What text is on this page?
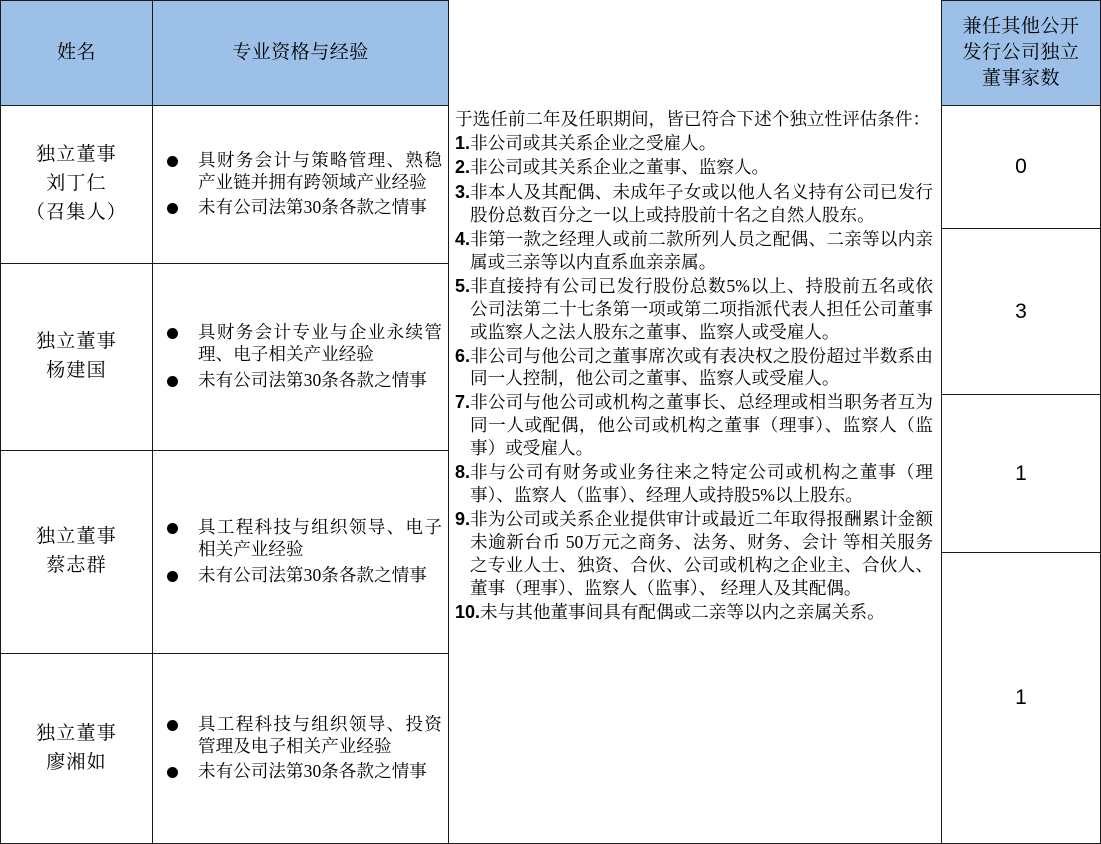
姓名	专业资格与经验
兼任其他公开
发行公司独立
董事家数
独立董事
刘丁仁
（召集人）
独立董事
杨建国
独立董事
蔡志群
独立董事
廖湘如
具财务会计与策略管理、熟稳产业链并拥有跨领域产业经验
未有公司法第30条各款之情事
具财务会计专业与企业永续管理、电子相关产业经验
未有公司法第30条各款之情事
具工程科技与组织领导、电子相关产业经验
未有公司法第30条各款之情事
具工程科技与组织领导、投资管理及电子相关产业经验
未有公司法第30条各款之情事

于选任前二年及任职期间，皆已符合下述个独立性评估条件：

1. 非公司或其关系企业之受雇人。
2. 非公司或其关系企业之董事、监察人。
3. 非本人及其配偶、未成年子女或以他人名义持有公司已发行股份总数百分之一以上或持股前十名之自然人股东。
4. 非第一款之经理人或前二款所列人员之配偶、二亲等以内亲属或三亲等以内直系血亲亲属。
5. 非直接持有公司已发行股份总数5%以上、持股前五名或依公司法第二十七条第一项或第二项指派代表人担任公司董事或监察人之法人股东之董事、监察人或受雇人。
6. 非公司与他公司之董事席次或有表决权之股份超过半数系由同一人控制，他公司之董事、监察人或受雇人。
7. 非公司与他公司或机构之董事长、总经理或相当职务者互为同一人或配偶，他公司或机构之董事（理事）、监察人（监事）或受雇人。
8. 非与公司有财务或业务往来之特定公司或机构之董事（理事）、监察人（监事）、经理人或持股5%以上股东。
9. 非为公司或关系企业提供审计或最近二年取得报酬累计金额未逾新台币 50万元之商务、法务、财务、会计 等相关服务之专业人士、独资、合伙、公司或机构之企业主、合伙人、董事（理事）、监察人（监事）、 经理人及其配偶。
10. 未与其他董事间具有配偶或二亲等以内之亲属关系。
0
3
1
1
